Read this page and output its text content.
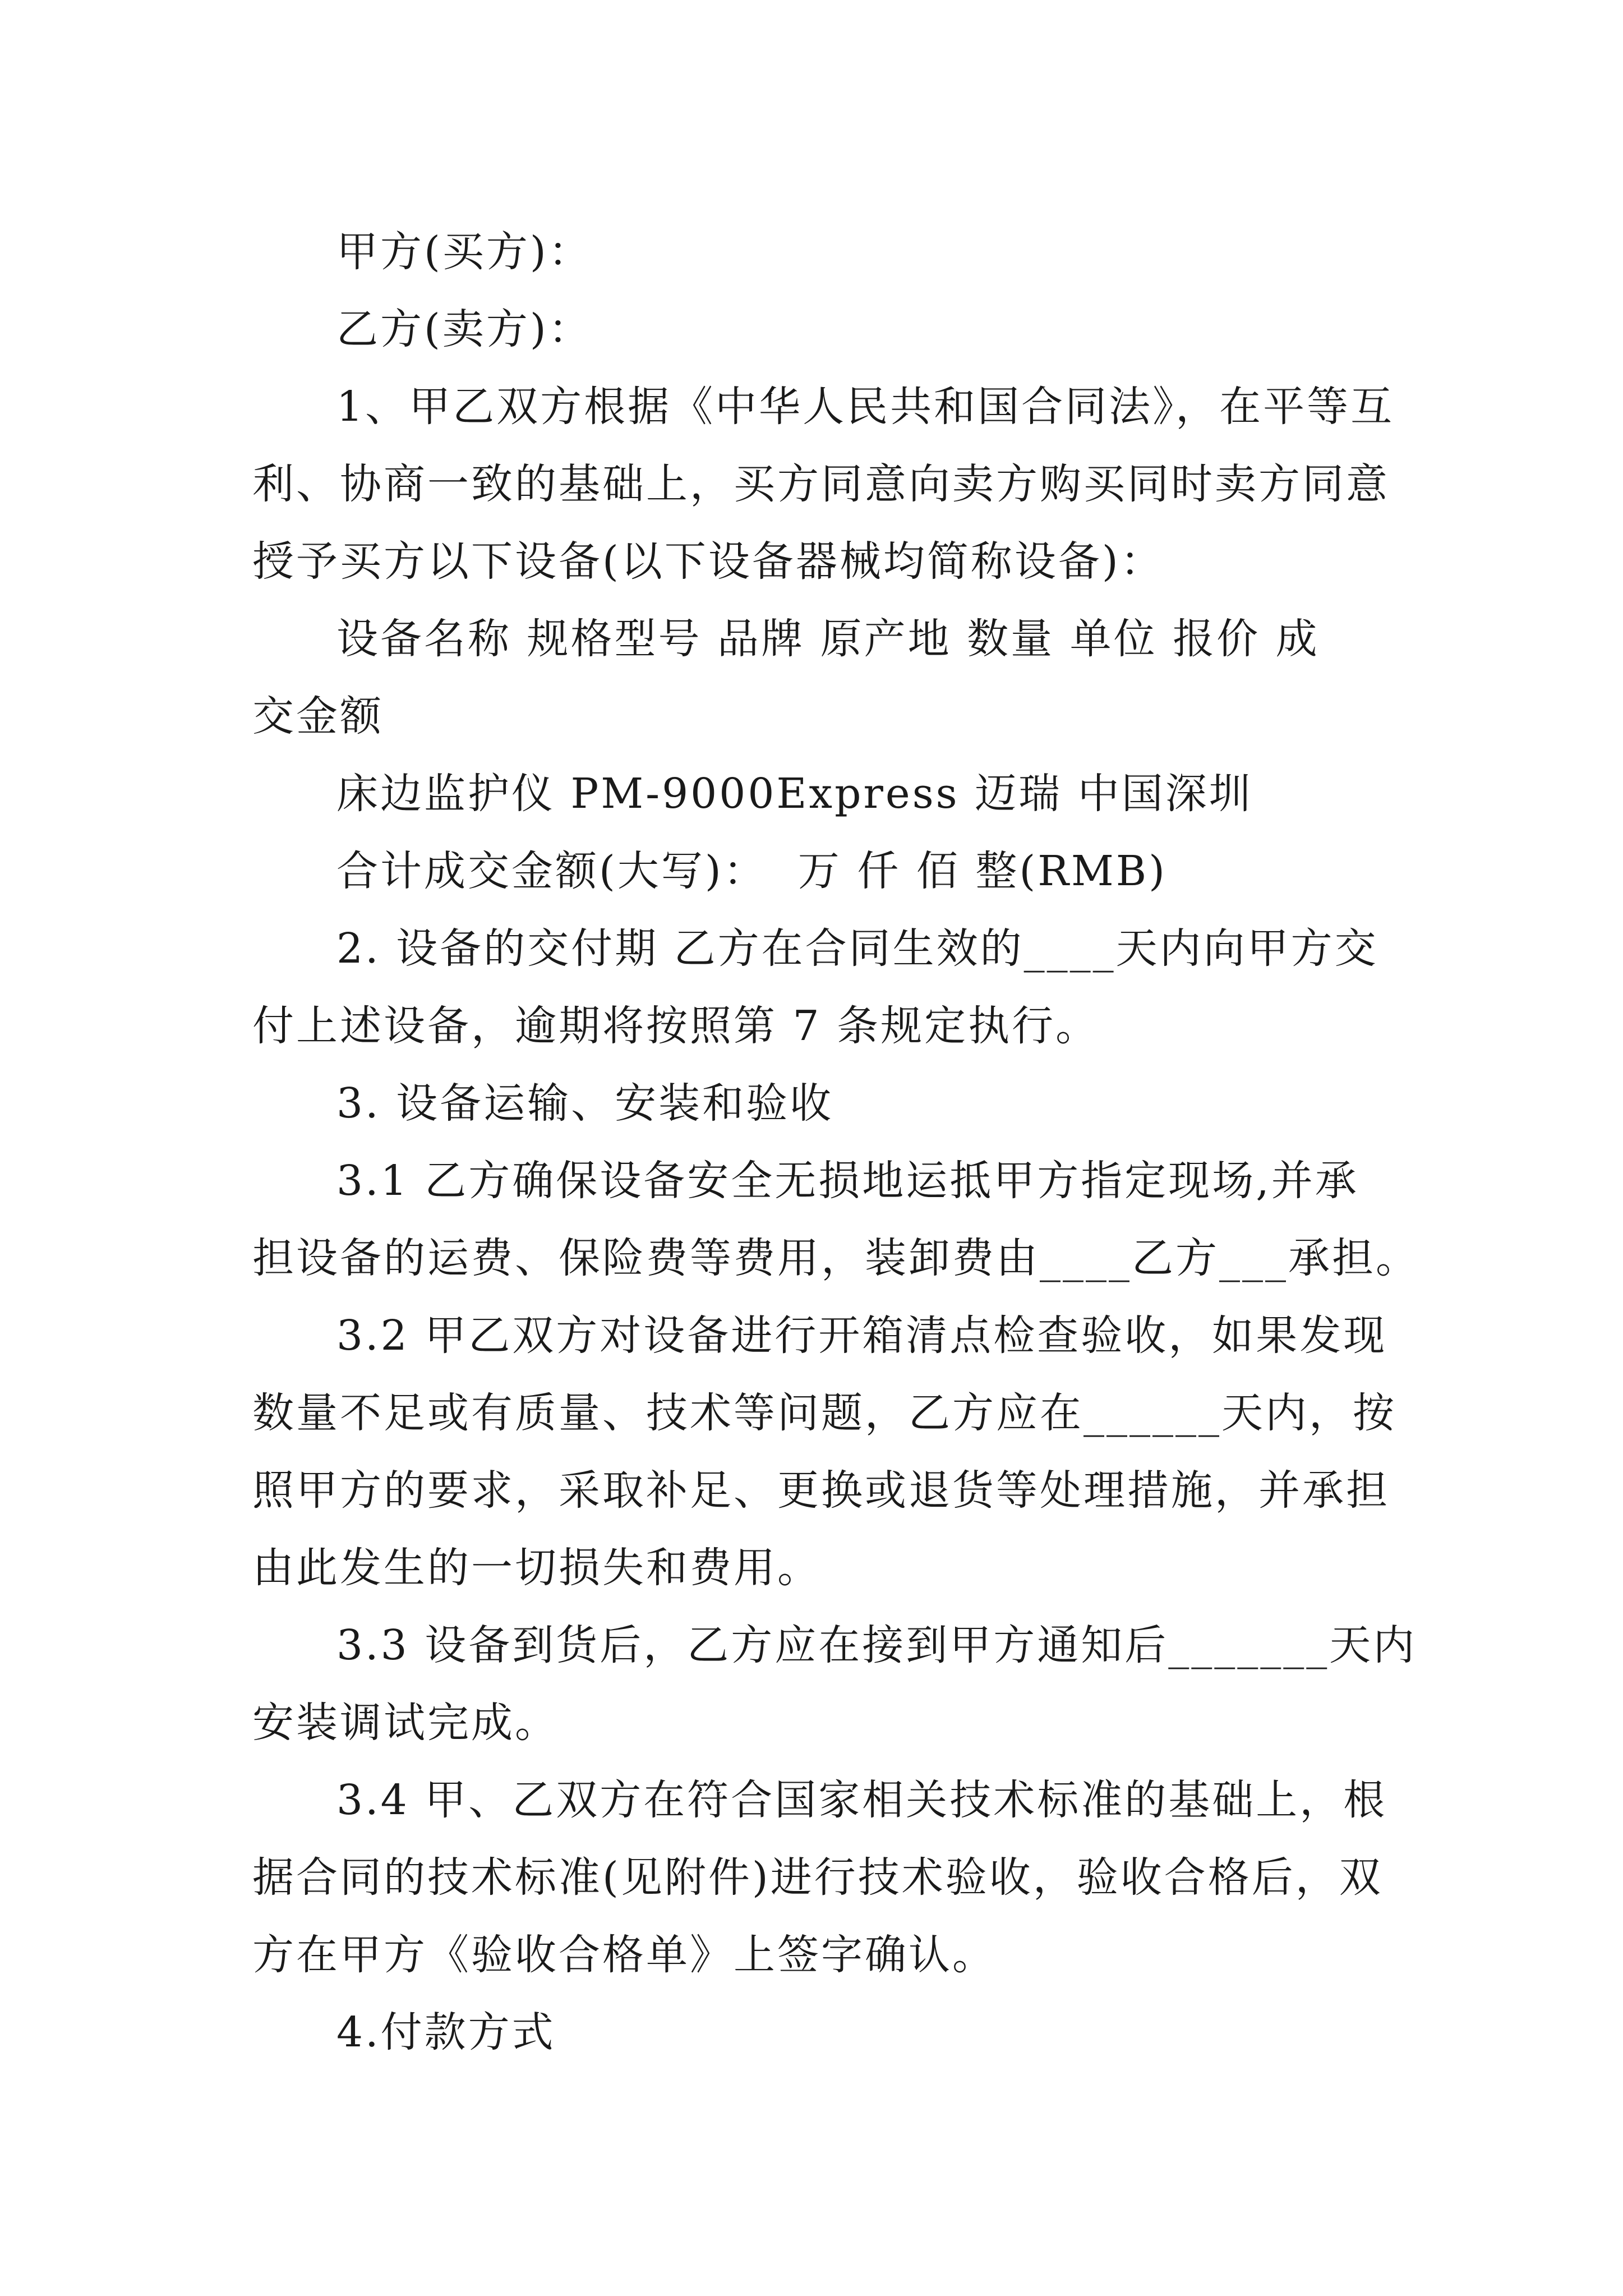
甲方(买方)：
乙方(卖方)：
1、甲乙双方根据《中华人民共和国合同法》，在平等互
利、协商一致的基础上，买方同意向卖方购买同时卖方同意
授予买方以下设备(以下设备器械均简称设备)：
设备名称 规格型号 品牌 原产地 数量 单位 报价 成
交金额
床边监护仪 PM-9000Express 迈瑞 中国深圳
合计成交金额(大写)：  万 仟 佰 整(RMB)
2. 设备的交付期 乙方在合同生效的____天内向甲方交
付上述设备，逾期将按照第 7 条规定执行。
3. 设备运输、安装和验收
3.1 乙方确保设备安全无损地运抵甲方指定现场,并承
担设备的运费、保险费等费用，装卸费由____乙方___承担。
3.2 甲乙双方对设备进行开箱清点检查验收，如果发现
数量不足或有质量、技术等问题，乙方应在______天内，按
照甲方的要求，采取补足、更换或退货等处理措施，并承担
由此发生的一切损失和费用。
3.3 设备到货后，乙方应在接到甲方通知后_______天内
安装调试完成。
3.4 甲、乙双方在符合国家相关技术标准的基础上，根
据合同的技术标准(见附件)进行技术验收，验收合格后，双
方在甲方《验收合格单》上签字确认。
4.付款方式
